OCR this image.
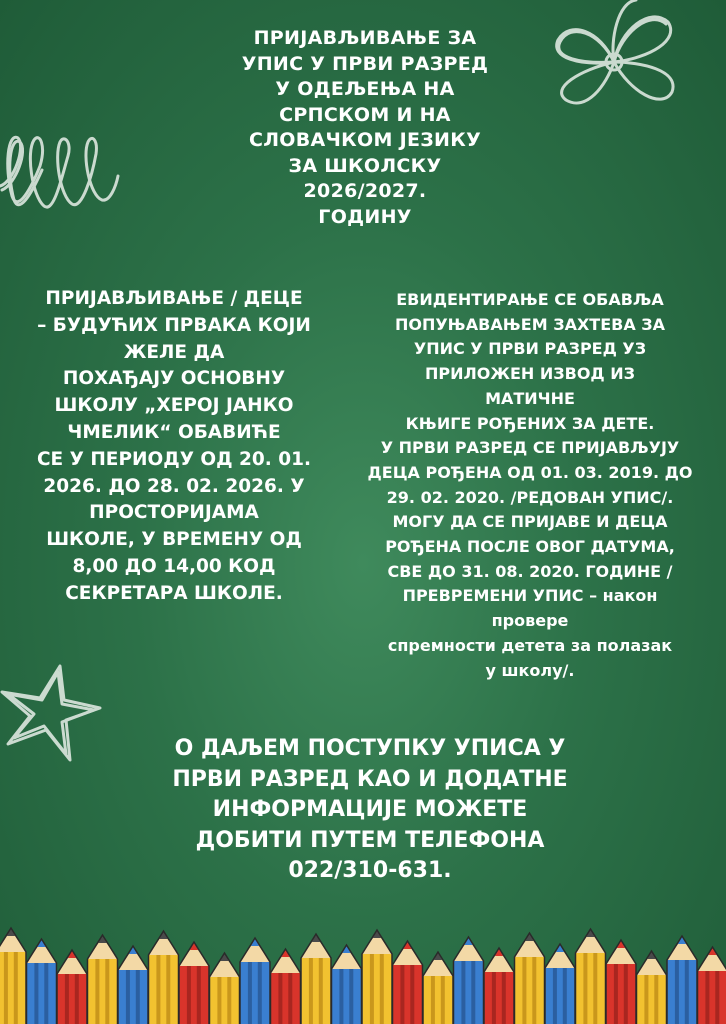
ПРИЈАВЉИВАЊЕ ЗА
УПИС У ПРВИ РАЗРЕД
У ОДЕЉЕЊА НА
СРПСКОМ И НА
СЛОВАЧКОМ ЈЕЗИКУ
ЗА ШКОЛСКУ
2026/2027.
ГОДИНУ
ПРИЈАВЉИВАЊЕ / ДЕЦЕ
– БУДУЋИХ ПРВАКА КОЈИ
ЖЕЛЕ ДА
ПОХАЂАЈУ ОСНОВНУ
ШКОЛУ „ХЕРОЈ ЈАНКО
ЧМЕЛИК“ ОБАВИЋЕ
СЕ У ПЕРИОДУ ОД 20. 01.
2026. ДО 28. 02. 2026. У
ПРОСТОРИЈАМА
ШКОЛЕ, У ВРЕМЕНУ ОД
8,00 ДО 14,00 КОД
СЕКРЕТАРА ШКОЛЕ.
ЕВИДЕНТИРАЊЕ СЕ ОБАВЉА
ПОПУЊАВАЊЕМ ЗАХТЕВА ЗА
УПИС У ПРВИ РАЗРЕД УЗ
ПРИЛОЖЕН ИЗВОД ИЗ
МАТИЧНЕ
КЊИГЕ РОЂЕНИХ ЗА ДЕТЕ.
У ПРВИ РАЗРЕД СЕ ПРИЈАВЉУЈУ
ДЕЦА РОЂЕНА ОД 01. 03. 2019. ДО
29. 02. 2020. /РЕДОВАН УПИС/.
МОГУ ДА СЕ ПРИЈАВЕ И ДЕЦА
РОЂЕНА ПОСЛЕ ОВОГ ДАТУМА,
СВЕ ДО 31. 08. 2020. ГОДИНЕ /
ПРЕВРЕМЕНИ УПИС – након
провере
спремности детета за полазак
у школу/.
О ДАЉЕМ ПОСТУПКУ УПИСА У
ПРВИ РАЗРЕД КАО И ДОДАТНЕ
ИНФОРМАЦИЈЕ МОЖЕТЕ
ДОБИТИ ПУТЕМ ТЕЛЕФОНА
022/310-631.
